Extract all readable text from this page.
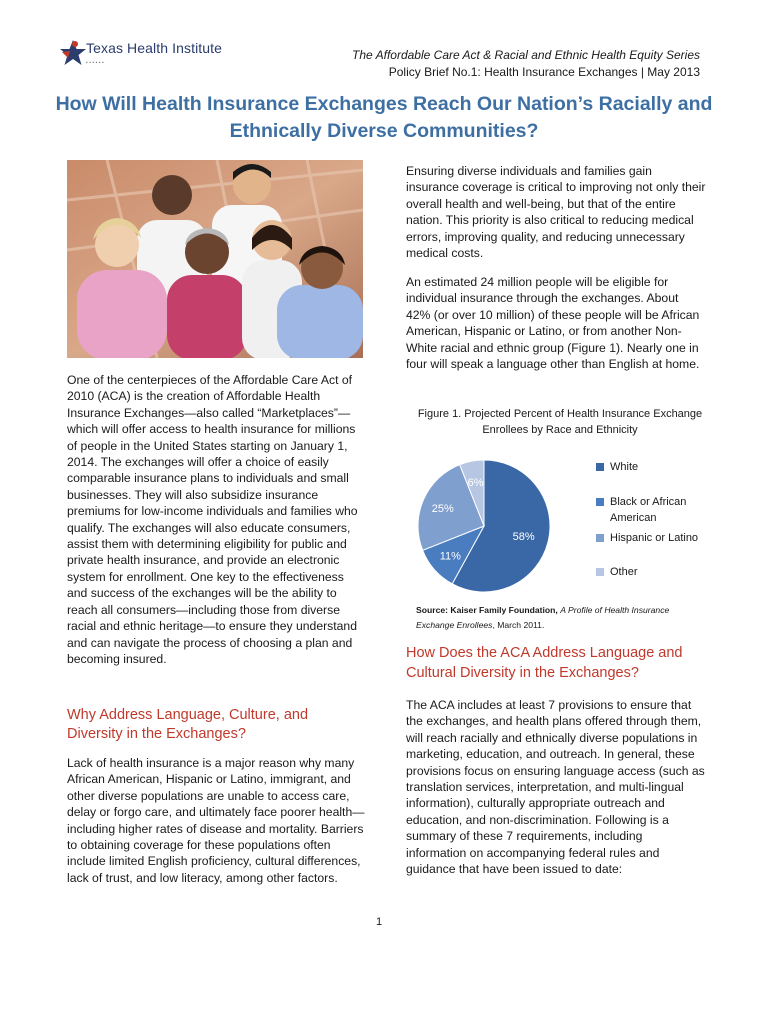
Texas Health Institute
• • • • • •
The Affordable Care Act & Racial and Ethnic Health Equity Series
Policy Brief No.1: Health Insurance Exchanges | May 2013
How Will Health Insurance Exchanges Reach Our Nation’s Racially and Ethnically Diverse Communities?
One of the centerpieces of the Affordable Care Act of 2010 (ACA) is the creation of Affordable Health Insurance Exchanges—also called “Marketplaces”—which will offer access to health insurance for millions of people in the United States starting on January 1, 2014. The exchanges will offer a choice of easily comparable insurance plans to individuals and small businesses. They will also subsidize insurance premiums for low-income individuals and families who qualify. The exchanges will also educate consumers, assist them with determining eligibility for public and private health insurance, and provide an electronic system for enrollment. One key to the effectiveness and success of the exchanges will be the ability to reach all consumers—including those from diverse racial and ethnic heritage—to ensure they understand and can navigate the process of choosing a plan and becoming insured.
Why Address Language, Culture, and Diversity in the Exchanges?
Lack of health insurance is a major reason why many African American, Hispanic or Latino, immigrant, and other diverse populations are unable to access care, delay or forgo care, and ultimately face poorer health—including higher rates of disease and mortality. Barriers to obtaining coverage for these populations often include limited English proficiency, cultural differences, lack of trust, and low literacy, among other factors.
Ensuring diverse individuals and families gain insurance coverage is critical to improving not only their overall health and well-being, but that of the entire nation. This priority is also critical to reducing medical errors, improving quality, and reducing unnecessary medical costs.
An estimated 24 million people will be eligible for individual insurance through the exchanges. About 42% (or over 10 million) of these people will be African American, Hispanic or Latino, or from another Non-White racial and ethnic group (Figure 1). Nearly one in four will speak a language other than English at home.
Figure 1. Projected Percent of Health Insurance Exchange Enrollees by Race and Ethnicity
58%
11%
25%
6%
White
Black or African American
Hispanic or Latino
Other
Source: Kaiser Family Foundation, A Profile of Health Insurance Exchange Enrollees, March 2011.
How Does the ACA Address Language and Cultural Diversity in the Exchanges?
The ACA includes at least 7 provisions to ensure that the exchanges, and health plans offered through them, will reach racially and ethnically diverse populations in marketing, education, and outreach. In general, these provisions focus on ensuring language access (such as translation services, interpretation, and multi-lingual information), culturally appropriate outreach and education, and non-discrimination. Following is a summary of these 7 requirements, including information on accompanying federal rules and guidance that have been issued to date:
1
